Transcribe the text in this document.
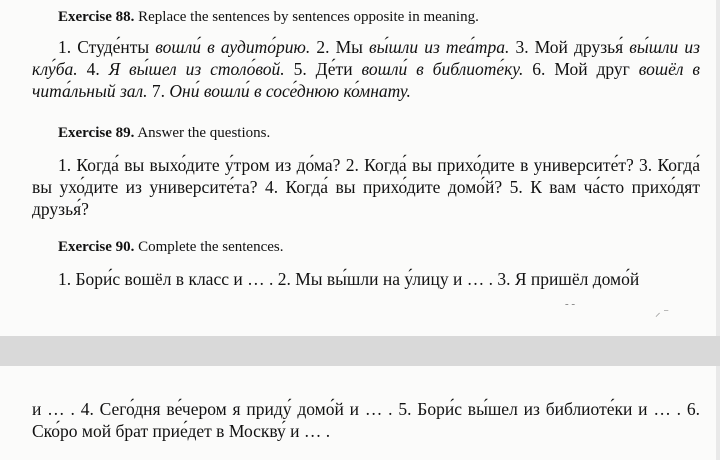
Exercise 88. Replace the sentences by sentences opposite in meaning.

1. Студе́нты вошли́ в аудито́рию. 2. Мы вы́шли из теа́тра. 3. Мой друзья́ вы́шли из клу́ба. 4. Я вы́шел из столо́вой. 5. Де́ти вошли́ в библиоте́ку. 6. Мой друг вошёл в чита́льный зал. 7. Они́ вошли́ в сосе́днюю ко́мнату.

Exercise 89. Answer the questions.

1. Когда́ вы выхо́дите у́тром из до́ма? 2. Когда́ вы прихо́дите в университе́т? 3. Когда́ вы ухо́дите из университе́та? 4. Когда́ вы прихо́дите домо́й? 5. К вам ча́сто прихо́дят друзья́?

Exercise 90. Complete the sentences.

1. Бори́с вошёл в класс и … . 2. Мы вы́шли на у́лицу и … . 3. Я пришёл домо́й

‐ ‐
⸝ ⁻

и … . 4. Сего́дня ве́чером я приду́ домо́й и … . 5. Бори́с вы́шел из библиоте́ки и … . 6. Ско́ро мой брат прие́дет в Москву́ и … .
